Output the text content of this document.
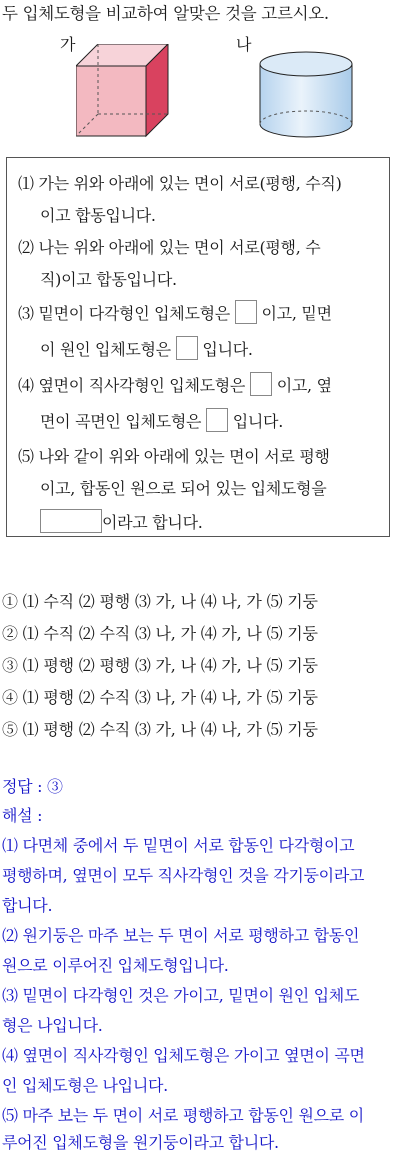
두 입체도형을 비교하여 알맞은 것을 고르시오.
가	나
⑴ 가는 위와 아래에 있는 면이 서로(평행, 수직)
이고 합동입니다.
⑵ 나는 위와 아래에 있는 면이 서로(평행, 수
직)이고 합동입니다.
⑶ 밑면이 다각형인 입체도형은 이고, 밑면
이 원인 입체도형은 입니다.
⑷ 옆면이 직사각형인 입체도형은 이고, 옆
면이 곡면인 입체도형은 입니다.
⑸ 나와 같이 위와 아래에 있는 면이 서로 평행
이고, 합동인 원으로 되어 있는 입체도형을
이라고 합니다.
① ⑴ 수직 ⑵ 평행 ⑶ 가, 나 ⑷ 나, 가 ⑸ 기둥
② ⑴ 수직 ⑵ 수직 ⑶ 나, 가 ⑷ 가, 나 ⑸ 기둥
③ ⑴ 평행 ⑵ 평행 ⑶ 가, 나 ⑷ 가, 나 ⑸ 기둥
④ ⑴ 평행 ⑵ 수직 ⑶ 나, 가 ⑷ 나, 가 ⑸ 기둥
⑤ ⑴ 평행 ⑵ 수직 ⑶ 가, 나 ⑷ 나, 가 ⑸ 기둥
정답 : ③
해설 :
⑴ 다면체 중에서 두 밑면이 서로 합동인 다각형이고
평행하며, 옆면이 모두 직사각형인 것을 각기둥이라고
합니다.
⑵ 원기둥은 마주 보는 두 면이 서로 평행하고 합동인
원으로 이루어진 입체도형입니다.
⑶ 밑면이 다각형인 것은 가이고, 밑면이 원인 입체도
형은 나입니다.
⑷ 옆면이 직사각형인 입체도형은 가이고 옆면이 곡면
인 입체도형은 나입니다.
⑸ 마주 보는 두 면이 서로 평행하고 합동인 원으로 이
루어진 입체도형을 원기둥이라고 합니다.
